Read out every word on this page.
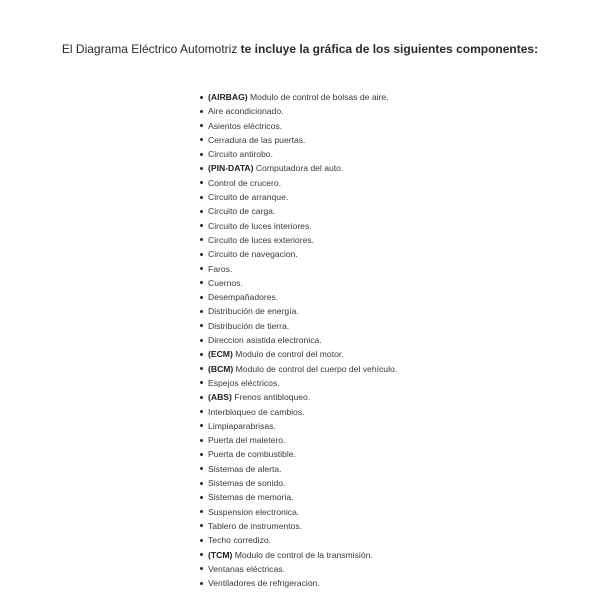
El Diagrama Eléctrico Automotriz te incluye la gráfica de los siguientes componentes:
(AIRBAG) Modulo de control de bolsas de aire.
Aire acondicionado.
Asientos eléctricos.
Cerradura de las puertas.
Circuito antirobo.
(PIN-DATA) Computadora del auto.
Control de crucero.
Circuito de arranque.
Circuito de carga.
Circuito de luces interiores.
Circuito de luces exteriores.
Circuito de navegacion.
Faros.
Cuernos.
Desempañadores.
Distribución de energía.
Distribución de tierra.
Direccion asistida electronica.
(ECM) Modulo de control del motor.
(BCM) Modulo de control del cuerpo del vehículo.
Espejos eléctricos.
(ABS) Frenos antibloqueo.
Interbloqueo de cambios.
Limpiaparabrisas.
Puerta del maletero.
Puerta de combustible.
Sistemas de alerta.
Sistemas de sonido.
Sistemas de memoria.
Suspension electronica.
Tablero de instrumentos.
Techo corredizo.
(TCM) Modulo de control de la transmisión.
Ventanas eléctricas.
Ventiladores de refrigeracion.
